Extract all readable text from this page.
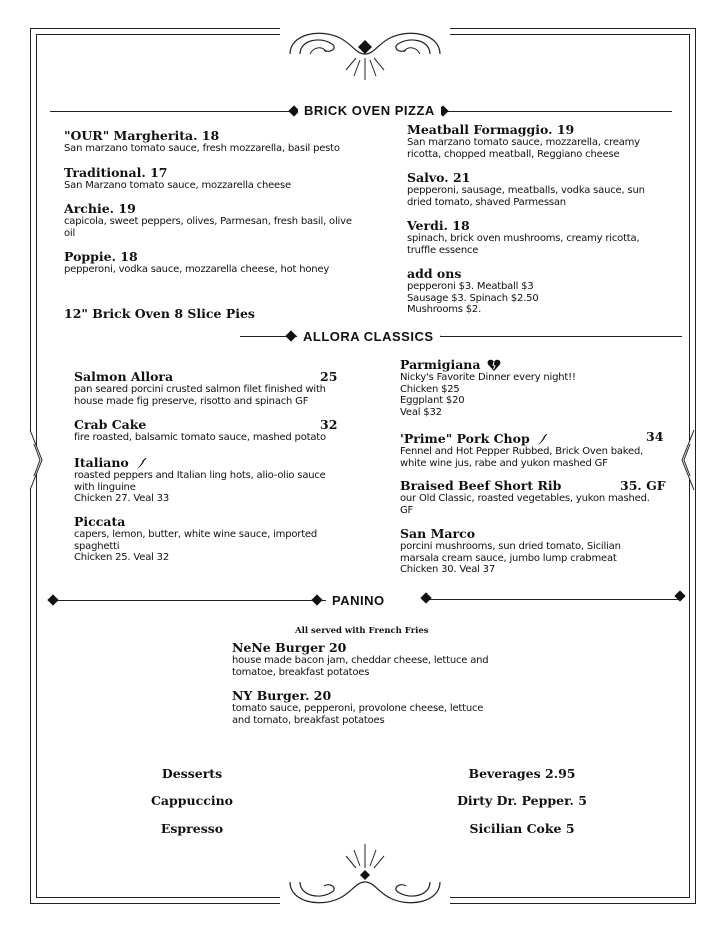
BRICK OVEN PIZZA

"OUR" Margherita. 18

San marzano tomato sauce, fresh mozzarella, basil pesto

Traditional. 17

San Marzano tomato sauce, mozzarella cheese

Archie. 19

capicola, sweet peppers, olives, Parmesan, fresh basil, olive oil

Poppie. 18

pepperoni, vodka sauce, mozzarella cheese, hot honey

12" Brick Oven 8 Slice Pies

Meatball Formaggio. 19

San marzano tomato sauce, mozzarella, creamy ricotta, chopped meatball, Reggiano cheese

Salvo. 21

pepperoni, sausage, meatballs, vodka sauce, sun dried tomato, shaved Parmessan

Verdi. 18

spinach, brick oven mushrooms, creamy ricotta, truffle essence

add ons

pepperoni $3. Meatball $3

Sausage $3. Spinach $2.50

Mushrooms $2.

ALLORA CLASSICS

Salmon Allora

pan seared porcini crusted salmon filet finished with house made fig preserve, risotto and spinach GF

25

Crab Cake

fire roasted, balsamic tomato sauce, mashed potato

32

Italiano

roasted peppers and Italian ling hots, alio-olio sauce with linguine

Chicken 27. Veal 33

Piccata

capers, lemon, butter, white wine sauce, imported spaghetti

Chicken 25. Veal 32

Parmigiana

Nicky's Favorite Dinner every night!!

Chicken $25

Eggplant $20

Veal $32

'Prime" Pork Chop

Fennel and Hot Pepper Rubbed, Brick Oven baked, white wine jus, rabe and yukon mashed GF

34

Braised Beef Short Rib

our Old Classic, roasted vegetables, yukon mashed. GF

35. GF

San Marco

porcini mushrooms, sun dried tomato, Sicilian marsala cream sauce, jumbo lump crabmeat

Chicken 30. Veal 37

PANINO
All served with French Fries

NeNe Burger 20

house made bacon jam, cheddar cheese, lettuce and tomatoe, breakfast potatoes

NY Burger. 20

tomato sauce, pepperoni, provolone cheese, lettuce and tomato, breakfast potatoes

Desserts
Cappuccino
Espresso
Beverages 2.95
Dirty Dr. Pepper. 5
Sicilian Coke 5
